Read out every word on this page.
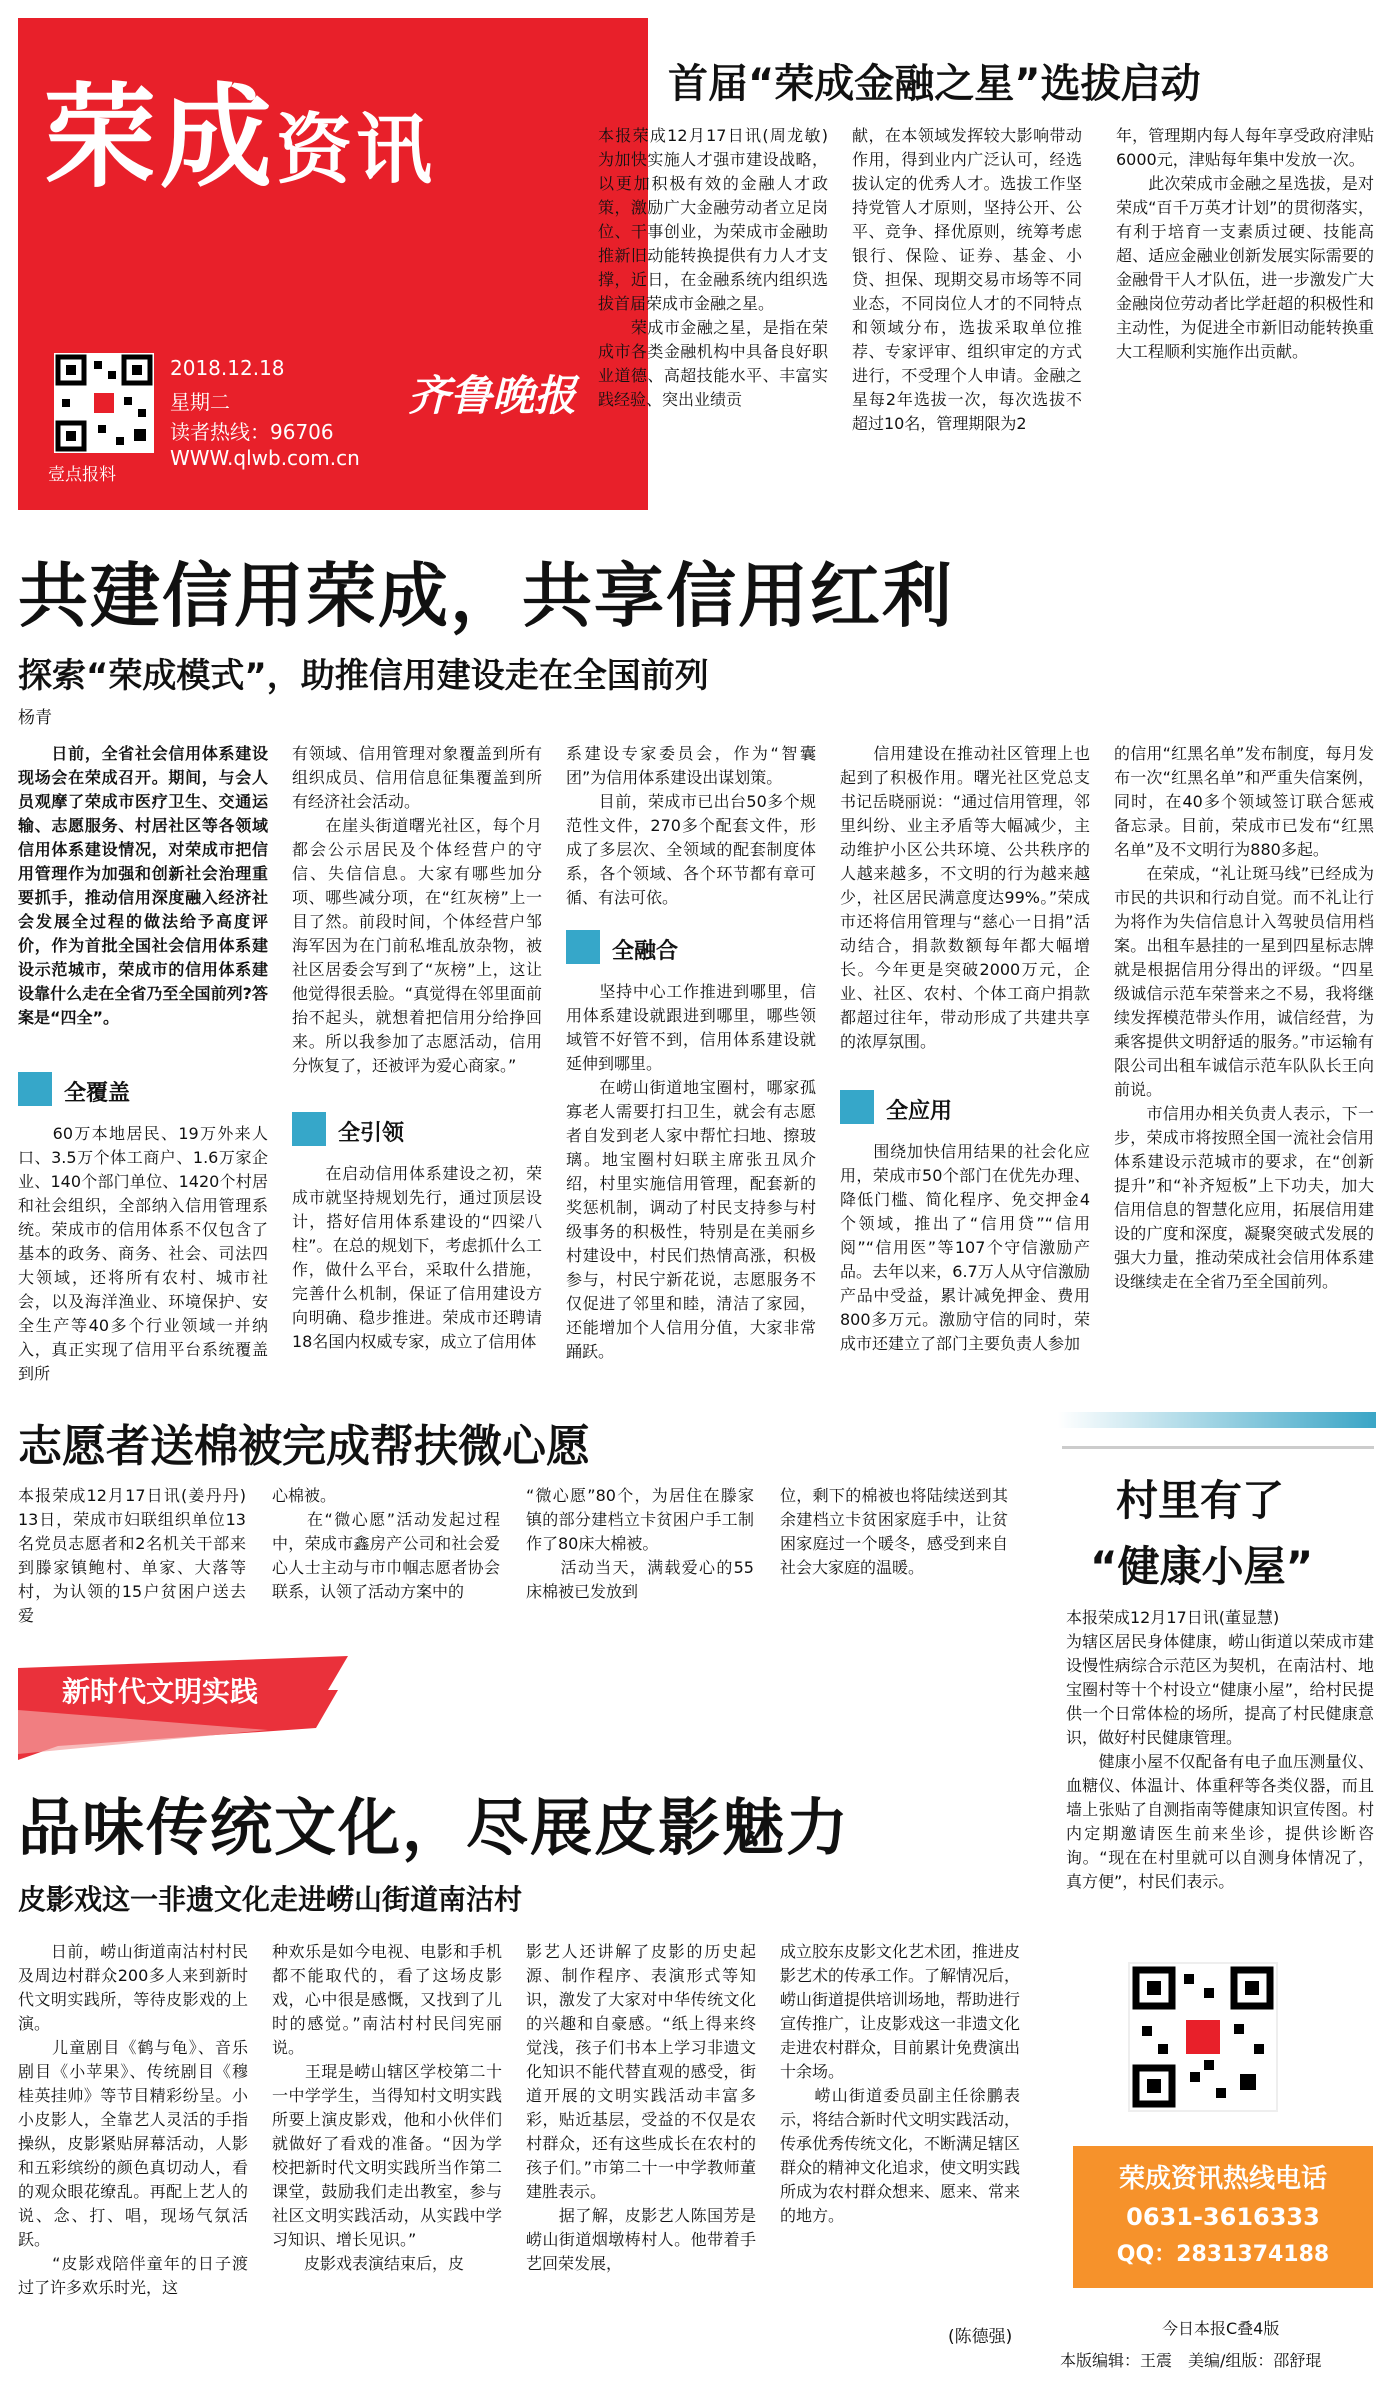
荣成资讯
壹点报料
2018.12.18
星期二
读者热线：96706
WWW.qlwb.com.cn
齐鲁晚报
首届“荣成金融之星”选拔启动

本报荣成12月17日讯(周龙敏)　为加快实施人才强市建设战略，以更加积极有效的金融人才政策，激励广大金融劳动者立足岗位、干事创业，为荣成市金融助推新旧动能转换提供有力人才支撑，近日，在金融系统内组织选拔首届荣成市金融之星。
　　荣成市金融之星，是指在荣成市各类金融机构中具备良好职业道德、高超技能水平、丰富实践经验、突出业绩贡

献，在本领域发挥较大影响带动作用，得到业内广泛认可，经选拔认定的优秀人才。选拔工作坚持党管人才原则，坚持公开、公平、竞争、择优原则，统筹考虑银行、保险、证券、基金、小贷、担保、现期交易市场等不同业态，不同岗位人才的不同特点和领域分布，选拔采取单位推荐、专家评审、组织审定的方式进行，不受理个人申请。金融之星每2年选拔一次，每次选拔不超过10名，管理期限为2

年，管理期内每人每年享受政府津贴6000元，津贴每年集中发放一次。
　　此次荣成市金融之星选拔，是对荣成“百千万英才计划”的贯彻落实，有利于培育一支素质过硬、技能高超、适应金融业创新发展实际需要的金融骨干人才队伍，进一步激发广大金融岗位劳动者比学赶超的积极性和主动性，为促进全市新旧动能转换重大工程顺利实施作出贡献。

共建信用荣成，共享信用红利
探索“荣成模式”，助推信用建设走在全国前列
杨青

　　日前，全省社会信用体系建设现场会在荣成召开。期间，与会人员观摩了荣成市医疗卫生、交通运输、志愿服务、村居社区等各领域信用体系建设情况，对荣成市把信用管理作为加强和创新社会治理重要抓手，推动信用深度融入经济社会发展全过程的做法给予高度评价，作为首批全国社会信用体系建设示范城市，荣成市的信用体系建设靠什么走在全省乃至全国前列?答案是“四全”。

全覆盖

　　60万本地居民、19万外来人口、3.5万个体工商户、1.6万家企业、140个部门单位、1420个村居和社会组织，全部纳入信用管理系统。荣成市的信用体系不仅包含了基本的政务、商务、社会、司法四大领域，还将所有农村、城市社会，以及海洋渔业、环境保护、安全生产等40多个行业领域一并纳入，真正实现了信用平台系统覆盖到所

有领域、信用管理对象覆盖到所有组织成员、信用信息征集覆盖到所有经济社会活动。
　　在崖头街道曙光社区，每个月都会公示居民及个体经营户的守信、失信信息。大家有哪些加分项、哪些减分项，在“红灰榜”上一目了然。前段时间，个体经营户邹海军因为在门前私堆乱放杂物，被社区居委会写到了“灰榜”上，这让他觉得很丢脸。“真觉得在邻里面前抬不起头，就想着把信用分给挣回来。所以我参加了志愿活动，信用分恢复了，还被评为爱心商家。”

全引领

　　在启动信用体系建设之初，荣成市就坚持规划先行，通过顶层设计，搭好信用体系建设的“四梁八柱”。在总的规划下，考虑抓什么工作，做什么平台，采取什么措施，完善什么机制，保证了信用建设方向明确、稳步推进。荣成市还聘请18名国内权威专家，成立了信用体

系建设专家委员会，作为“智囊团”为信用体系建设出谋划策。
　　目前，荣成市已出台50多个规范性文件，270多个配套文件，形成了多层次、全领域的配套制度体系，各个领域、各个环节都有章可循、有法可依。

全融合

　　坚持中心工作推进到哪里，信用体系建设就跟进到哪里，哪些领域管不好管不到，信用体系建设就延伸到哪里。
　　在崂山街道地宝圈村，哪家孤寡老人需要打扫卫生，就会有志愿者自发到老人家中帮忙扫地、擦玻璃。地宝圈村妇联主席张丑凤介绍，村里实施信用管理，配套新的奖惩机制，调动了村民支持参与村级事务的积极性，特别是在美丽乡村建设中，村民们热情高涨，积极参与，村民宁新花说，志愿服务不仅促进了邻里和睦，清洁了家园，还能增加个人信用分值，大家非常踊跃。

　　信用建设在推动社区管理上也起到了积极作用。曙光社区党总支书记岳晓丽说：“通过信用管理，邻里纠纷、业主矛盾等大幅减少，主动维护小区公共环境、公共秩序的人越来越多，不文明的行为越来越少，社区居民满意度达99%。”荣成市还将信用管理与“慈心一日捐”活动结合，捐款数额每年都大幅增长。今年更是突破2000万元，企业、社区、农村、个体工商户捐款都超过往年，带动形成了共建共享的浓厚氛围。

全应用

　　围绕加快信用结果的社会化应用，荣成市50个部门在优先办理、降低门槛、简化程序、免交押金4个领域，推出了“信用贷”“信用阅”“信用医”等107个守信激励产品。去年以来，6.7万人从守信激励产品中受益，累计减免押金、费用800多万元。激励守信的同时，荣成市还建立了部门主要负责人参加

的信用“红黑名单”发布制度，每月发布一次“红黑名单”和严重失信案例，同时，在40多个领域签订联合惩戒备忘录。目前，荣成市已发布“红黑名单”及不文明行为880多起。
　　在荣成，“礼让斑马线”已经成为市民的共识和行动自觉。而不礼让行为将作为失信信息计入驾驶员信用档案。出租车悬挂的一星到四星标志牌就是根据信用分得出的评级。“四星级诚信示范车荣誉来之不易，我将继续发挥模范带头作用，诚信经营，为乘客提供文明舒适的服务。”市运输有限公司出租车诚信示范车队队长王向前说。
　　市信用办相关负责人表示，下一步，荣成市将按照全国一流社会信用体系建设示范城市的要求，在“创新提升”和“补齐短板”上下功夫，加大信用信息的智慧化应用，拓展信用建设的广度和深度，凝聚突破式发展的强大力量，推动荣成社会信用体系建设继续走在全省乃至全国前列。

志愿者送棉被完成帮扶微心愿

本报荣成12月17日讯(姜丹丹)　13日，荣成市妇联组织单位13名党员志愿者和2名机关干部来到滕家镇鲍村、单家、大落等村，为认领的15户贫困户送去爱

心棉被。
　　在“微心愿”活动发起过程中，荣成市鑫房产公司和社会爱心人士主动与市巾帼志愿者协会联系，认领了活动方案中的

“微心愿”80个，为居住在滕家镇的部分建档立卡贫困户手工制作了80床大棉被。
　　活动当天，满载爱心的55床棉被已发放到

位，剩下的棉被也将陆续送到其余建档立卡贫困家庭手中，让贫困家庭过一个暖冬，感受到来自社会大家庭的温暖。

新时代文明实践
品味传统文化，尽展皮影魅力
皮影戏这一非遗文化走进崂山街道南沽村

　　日前，崂山街道南沽村村民及周边村群众200多人来到新时代文明实践所，等待皮影戏的上演。
　　儿童剧目《鹤与龟》、音乐剧目《小苹果》、传统剧目《穆桂英挂帅》等节目精彩纷呈。小小皮影人，全靠艺人灵活的手指操纵，皮影紧贴屏幕活动，人影和五彩缤纷的颜色真切动人，看的观众眼花缭乱。再配上艺人的说、念、打、唱，现场气氛活跃。
　　“皮影戏陪伴童年的日子渡过了许多欢乐时光，这

种欢乐是如今电视、电影和手机都不能取代的，看了这场皮影戏，心中很是感慨，又找到了儿时的感觉。”南沽村村民闫宪丽说。
　　王琨是崂山辖区学校第二十一中学学生，当得知村文明实践所要上演皮影戏，他和小伙伴们就做好了看戏的准备。“因为学校把新时代文明实践所当作第二课堂，鼓励我们走出教室，参与社区文明实践活动，从实践中学习知识、增长见识。”
　　皮影戏表演结束后，皮

影艺人还讲解了皮影的历史起源、制作程序、表演形式等知识，激发了大家对中华传统文化的兴趣和自豪感。“纸上得来终觉浅，孩子们书本上学习非遗文化知识不能代替直观的感受，街道开展的文明实践活动丰富多彩，贴近基层，受益的不仅是农村群众，还有这些成长在农村的孩子们。”市第二十一中学教师董建胜表示。
　　据了解，皮影艺人陈国芳是崂山街道烟墩梼村人。他带着手艺回荣发展，

成立胶东皮影文化艺术团，推进皮影艺术的传承工作。了解情况后，崂山街道提供培训场地，帮助进行宣传推广，让皮影戏这一非遗文化走进农村群众，目前累计免费演出十余场。
　　崂山街道委员副主任徐鹏表示，将结合新时代文明实践活动，传承优秀传统文化，不断满足辖区群众的精神文化追求，使文明实践所成为农村群众想来、愿来、常来的地方。

(陈德强)
村里有了
“健康小屋”

本报荣成12月17日讯(董显慧)
为辖区居民身体健康，崂山街道以荣成市建设慢性病综合示范区为契机，在南沽村、地宝圈村等十个村设立“健康小屋”，给村民提供一个日常体检的场所，提高了村民健康意识，做好村民健康管理。
　　健康小屋不仅配备有电子血压测量仪、血糖仪、体温计、体重秤等各类仪器，而且墙上张贴了自测指南等健康知识宣传图。村内定期邀请医生前来坐诊，提供诊断咨询。“现在在村里就可以自测身体情况了，真方便”，村民们表示。

荣成资讯热线电话
0631-3616333
QQ：2831374188
今日本报C叠4版
本版编辑：王震　美编/组版：邵舒琨
